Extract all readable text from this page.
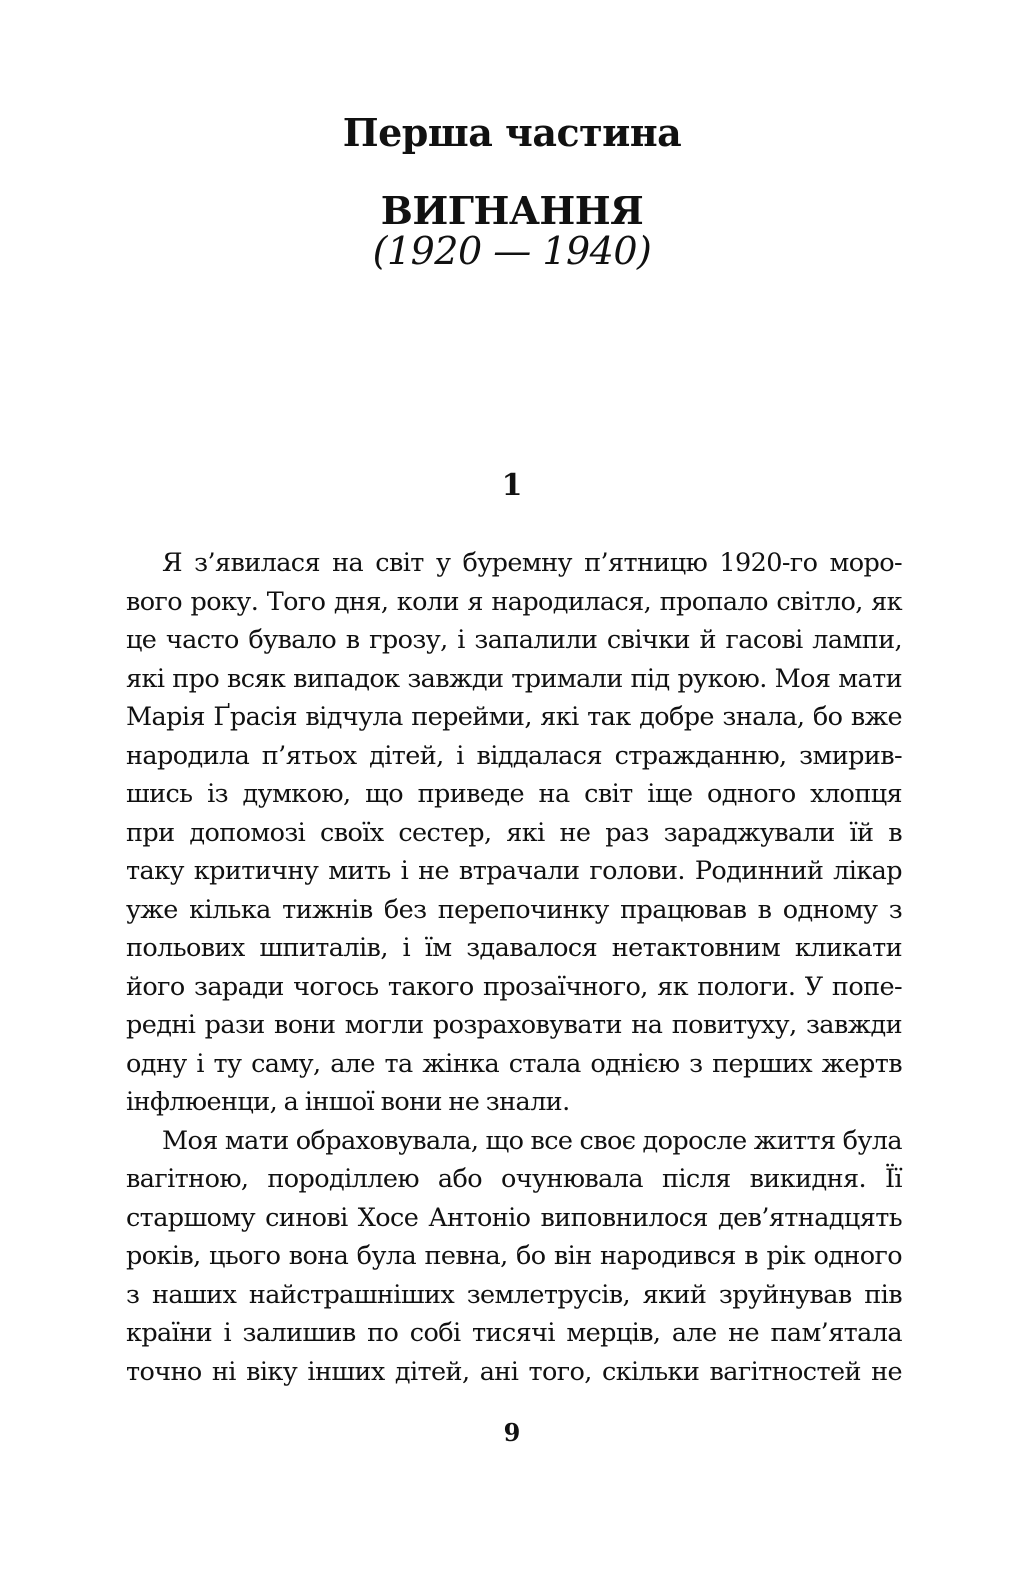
Перша частина
ВИГНАННЯ
(1920 — 1940)
1
Я з’явилася на світ у буремну п’ятницю 1920-го моро-
вого року. Того дня, коли я народилася, пропало світло, як
це часто бувало в грозу, і запалили свічки й гасові лампи,
які про всяк випадок завжди тримали під рукою. Моя мати
Марія Ґрасія відчула перейми, які так добре знала, бо вже
народила п’ятьох дітей, і віддалася стражданню, змирив-
шись із думкою, що приведе на світ іще одного хлопця
при допомозі своїх сестер, які не раз зараджували їй в
таку критичну мить і не втрачали голови. Родинний лікар
уже кілька тижнів без перепочинку працював в одному з
польових шпиталів, і їм здавалося нетактовним кликати
його заради чогось такого прозаїчного, як пологи. У попе-
редні рази вони могли розраховувати на повитуху, завжди
одну і ту саму, але та жінка стала однією з перших жертв
інфлюенци, а іншої вони не знали.
Моя мати обраховувала, що все своє доросле життя була
вагітною, породіллею або очунювала після викидня. Її
старшому синові Хосе Антоніо виповнилося дев’ятнадцять
років, цього вона була певна, бо він народився в рік одного
з наших найстрашніших землетрусів, який зруйнував пів
країни і залишив по собі тисячі мерців, але не пам’ятала
точно ні віку інших дітей, ані того, скільки вагітностей не
9
